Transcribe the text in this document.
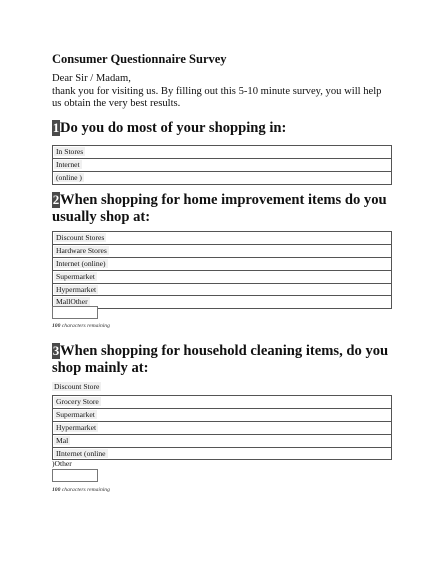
Consumer Questionnaire Survey
Dear Sir / Madam,
thank you for visiting us. By filling out this 5-10 minute survey, you will help us obtain the very best results.
1Do you do most of your shopping in:
In Stores
Internet
(online )
2When shopping for home improvement items do you usually shop at:
Discount Stores
Hardware Stores
Internet (online)
Supermarket
Hypermarket
MallOther
100 characters remaining
3When shopping for household cleaning items, do you shop mainly at:
Discount Store
Grocery Store
Supermarket
Hypermarket
Mal
IInternet (online
)Other
100 characters remaining
